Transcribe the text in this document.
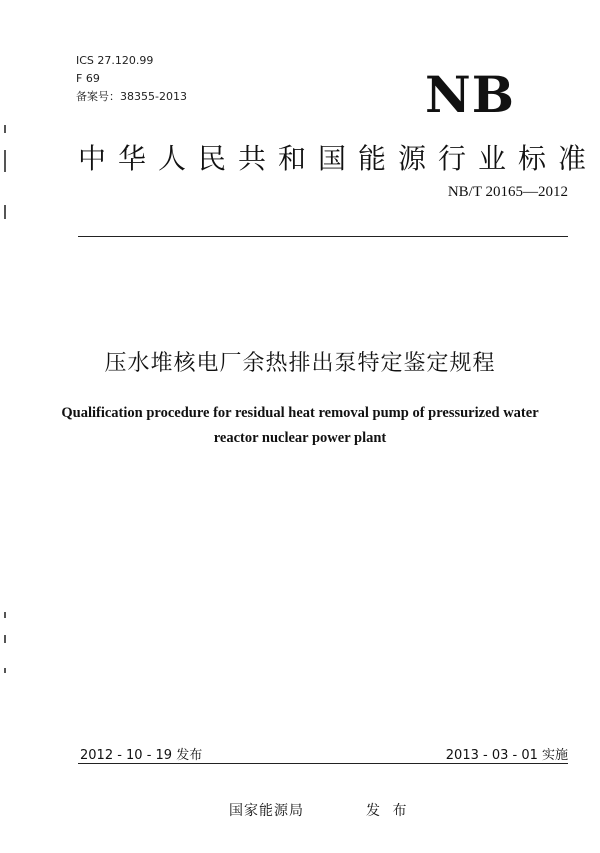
ICS 27.120.99
F 69
备案号：38355-2013	NB
中华人民共和国能源行业标准
NB/T 20165—2012
压水堆核电厂余热排出泵特定鉴定规程
Qualification procedure for residual heat removal pump of pressurized water
reactor nuclear power plant
2012 - 10 - 19 发布	2013 - 03 - 01 实施
国家能源局	发 布
